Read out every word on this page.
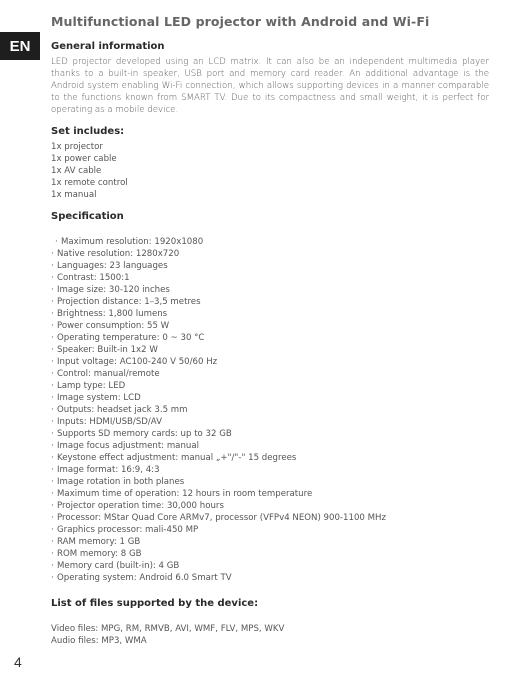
EN
Multifunctional LED projector with Android and Wi-Fi
General information

LED projector developed using an LCD matrix. It can also be an independent multimedia player thanks to a built-in speaker, USB port and memory card reader. An additional advantage is the Android system enabling Wi-Fi connection, which allows supporting devices in a manner comparable to the functions known from SMART TV. Due to its compactness and small weight, it is perfect for operating as a mobile device.

Set includes:
1x projector
1x power cable
1x AV cable
1x remote control
1x manual
Specification
· Maximum resolution: 1920x1080
· Native resolution: 1280x720
· Languages: 23 languages
· Contrast: 1500:1
· Image size: 30-120 inches
· Projection distance: 1–3,5 metres
· Brightness: 1,800 lumens
· Power consumption: 55 W
· Operating temperature: 0 ~ 30 °C
· Speaker: Built-in 1x2 W
· Input voltage: AC100-240 V 50/60 Hz
· Control: manual/remote
· Lamp type: LED
· Image system: LCD
· Outputs: headset jack 3.5 mm
· Inputs: HDMI/USB/SD/AV
· Supports SD memory cards: up to 32 GB
· Image focus adjustment: manual
· Keystone effect adjustment: manual „+"/"-" 15 degrees
· Image format: 16:9, 4:3
· Image rotation in both planes
· Maximum time of operation: 12 hours in room temperature
· Projector operation time: 30,000 hours
· Processor: MStar Quad Core ARMv7, processor (VFPv4 NEON) 900-1100 MHz
· Graphics processor: mali-450 MP
· RAM memory: 1 GB
· ROM memory: 8 GB
· Memory card (built-in): 4 GB
· Operating system: Android 6.0 Smart TV
List of files supported by the device:
Video files: MPG, RM, RMVB, AVI, WMF, FLV, MPS, WKV
Audio files: MP3, WMA
4
